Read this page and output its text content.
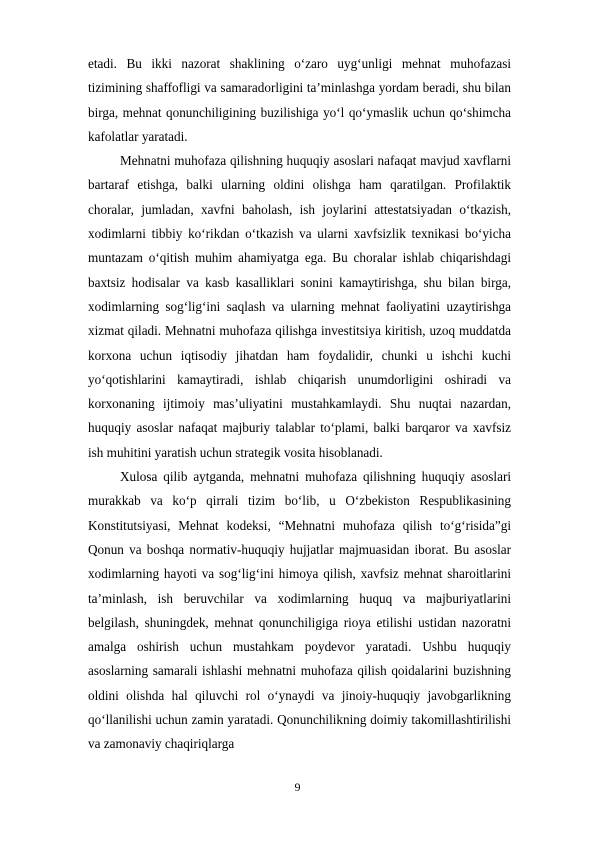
etadi. Bu ikki nazorat shaklining o‘zaro uyg‘unligi mehnat muhofazasi tizimining shaffofligi va samaradorligini ta’minlashga yordam beradi, shu bilan birga, mehnat qonunchiligining buzilishiga yo‘l qo‘ymaslik uchun qo‘shimcha kafolatlar yaratadi.

Mehnatni muhofaza qilishning huquqiy asoslari nafaqat mavjud xavflarni bartaraf etishga, balki ularning oldini olishga ham qaratilgan. Profilaktik choralar, jumladan, xavfni baholash, ish joylarini attestatsiyadan o‘tkazish, xodimlarni tibbiy ko‘rikdan o‘tkazish va ularni xavfsizlik texnikasi bo‘yicha muntazam o‘qitish muhim ahamiyatga ega. Bu choralar ishlab chiqarishdagi baxtsiz hodisalar va kasb kasalliklari sonini kamaytirishga, shu bilan birga, xodimlarning sog‘lig‘ini saqlash va ularning mehnat faoliyatini uzaytirishga xizmat qiladi. Mehnatni muhofaza qilishga investitsiya kiritish, uzoq muddatda korxona uchun iqtisodiy jihatdan ham foydalidir, chunki u ishchi kuchi yo‘qotishlarini kamaytiradi, ishlab chiqarish unumdorligini oshiradi va korxonaning ijtimoiy mas’uliyatini mustahkamlaydi. Shu nuqtai nazardan, huquqiy asoslar nafaqat majburiy talablar to‘plami, balki barqaror va xavfsiz ish muhitini yaratish uchun strategik vosita hisoblanadi.

Xulosa qilib aytganda, mehnatni muhofaza qilishning huquqiy asoslari murakkab va ko‘p qirrali tizim bo‘lib, u O‘zbekiston Respublikasining Konstitutsiyasi, Mehnat kodeksi, “Mehnatni muhofaza qilish to‘g‘risida”gi Qonun va boshqa normativ-huquqiy hujjatlar majmuasidan iborat. Bu asoslar xodimlarning hayoti va sog‘lig‘ini himoya qilish, xavfsiz mehnat sharoitlarini ta’minlash, ish beruvchilar va xodimlarning huquq va majburiyatlarini belgilash, shuningdek, mehnat qonunchiligiga rioya etilishi ustidan nazoratni amalga oshirish uchun mustahkam poydevor yaratadi. Ushbu huquqiy asoslarning samarali ishlashi mehnatni muhofaza qilish qoidalarini buzishning oldini olishda hal qiluvchi rol o‘ynaydi va jinoiy-huquqiy javobgarlikning qo‘llanilishi uchun zamin yaratadi. Qonunchilikning doimiy takomillashtirilishi va zamonaviy chaqiriqlarga

9
